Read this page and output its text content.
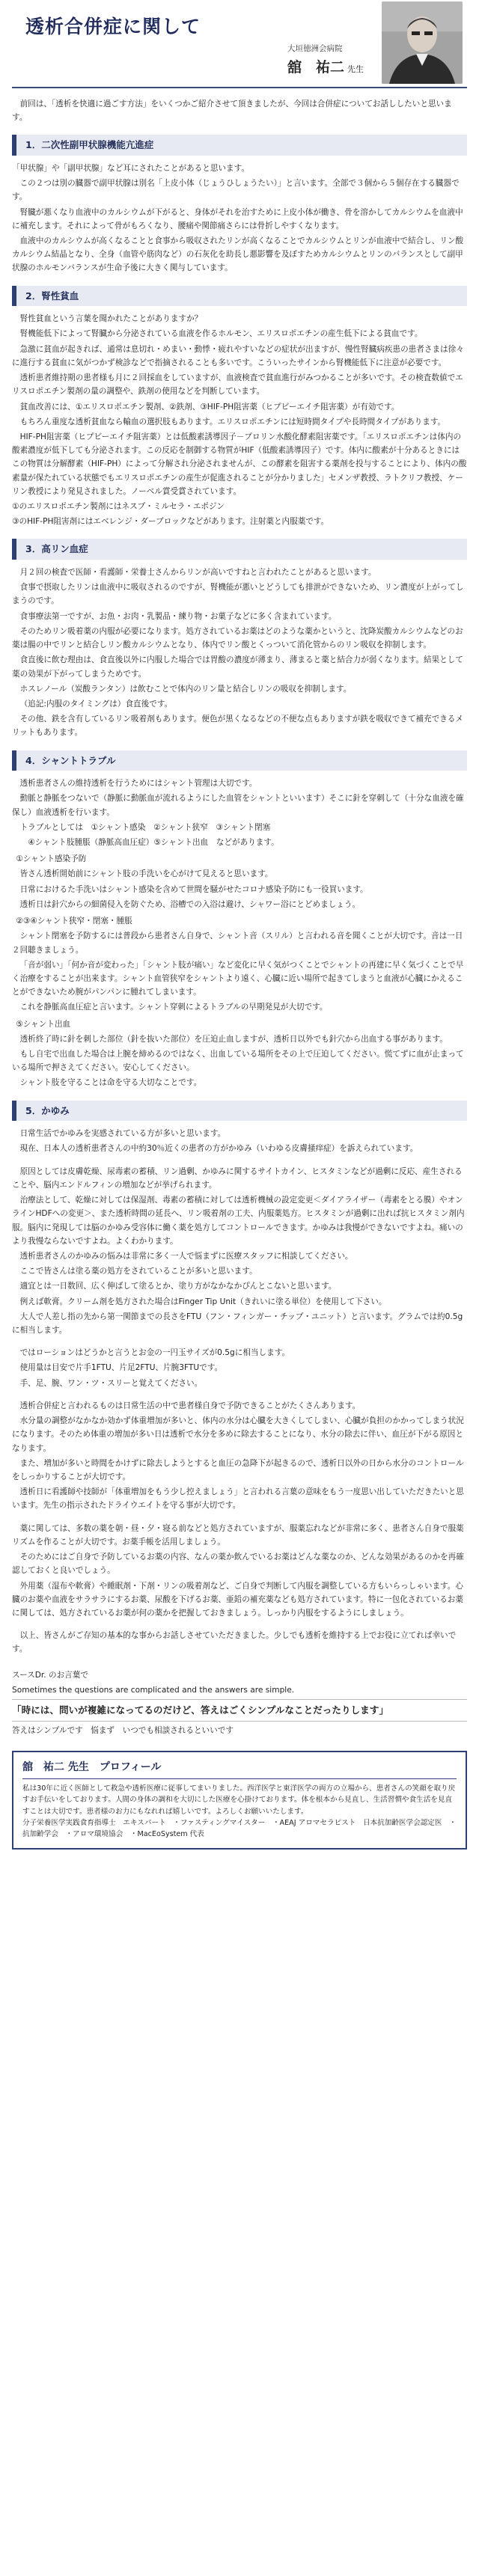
透析合併症に関して
大垣徳洲会病院
舘　祐二 先生

前回は、「透析を快適に過ごす方法」をいくつかご紹介させて頂きましたが、今回は合併症についてお話ししたいと思います。

1．二次性副甲状腺機能亢進症

「甲状腺」や「副甲状腺」など耳にされたことがあると思います。

この２つは別の臓器で副甲状腺は別名「上皮小体（じょうひしょうたい）」と言います。全部で３個から５個存在する臓器です。

腎臓が悪くなり血液中のカルシウムが下がると、身体がそれを治すために上皮小体が働き、骨を溶かしてカルシウムを血液中に補充します。それによって骨がもろくなり、腰痛や関節痛さらには骨折しやすくなります。

血液中のカルシウムが高くなることと食事から吸収されたリンが高くなることでカルシウムとリンが血液中で結合し、リン酸カルシウム結晶となり、全身（血管や筋肉など）の石灰化を助長し悪影響を及ぼすためカルシウムとリンのバランスとして副甲状腺のホルモンバランスが生命予後に大きく関与しています。

2．腎性貧血

腎性貧血という言葉を聞かれたことがありますか？

腎機能低下によって腎臓から分泌されている血液を作るホルモン、エリスロポエチンの産生低下による貧血です。

急激に貧血が起きれば、通常は息切れ・めまい・動悸・疲れやすいなどの症状が出ますが、慢性腎臓病疾患の患者さまは徐々に進行する貧血に気がつかず検診などで指摘されることも多いです。こういったサインから腎機能低下に注意が必要です。

透析患者維持期の患者様も月に２回採血をしていますが、血液検査で貧血進行がみつかることが多いです。その検査数値でエリスロポエチン製剤の量の調整や、鉄剤の使用などを判断しています。

貧血改善には、①エリスロポエチン製剤、②鉄剤、③HIF-PH阻害薬（ヒプビーエイチ阻害薬）が有効です。

もちろん重度な透析貧血なら輸血の選択肢もあります。エリスロポエチンには短時間タイプや長時間タイプがあります。

HIF-PH阻害薬（ヒプビーエイチ阻害薬）とは低酸素誘導因子－プロリン水酸化酵素阻害薬です。「エリスロポエチンは体内の酸素濃度が低下しても分泌されます。この反応を制御する物質がHIF（低酸素誘導因子）です。体内に酸素が十分あるときにはこの物質は分解酵素（HIF-PH）によって分解され分泌されませんが、この酵素を阻害する薬剤を投与することにより、体内の酸素量が保たれている状態でもエリスロポエチンの産生が促進されることが分かりました」セメンザ教授、ラトクリフ教授、ケーリン教授により発見されました。ノーベル賞受賞されています。

①のエリスロポエチン製剤にはネスプ・ミルセラ・エポジン

③のHIF-PH阻害剤にはエベレンジ・ダーブロックなどがあります。注射薬と内服薬です。

3．高リン血症

月２回の検査で医師・看護師・栄養士さんからリンが高いですねと言われたことがあると思います。

食事で摂取したリンは血液中に吸収されるのですが、腎機能が悪いとどうしても排泄ができないため、リン濃度が上がってしまうのです。

食事療法第一ですが、お魚・お肉・乳製品・練り物・お菓子などに多く含まれています。

そのためリン吸着薬の内服が必要になります。処方されているお薬はどのような薬かというと、沈降炭酸カルシウムなどのお薬は腸の中でリンと結合しリン酸カルシウムとなり、体内でリン酸とくっついて消化管からのリン吸収を抑制します。

食直後に飲む理由は、食直後以外に内服した場合では胃酸の濃度が薄まり、薄まると薬と結合力が弱くなります。結果として薬の効果が下がってしまうためです。

ホスレノール（炭酸ランタン）は飲むことで体内のリン量と結合しリンの吸収を抑制します。

（追記:内服のタイミングは）食直後です。

その他、鉄を含有しているリン吸着剤もあります。便色が黒くなるなどの不便な点もありますが鉄を吸収できて補充できるメリットもあります。

4．シャントトラブル

透析患者さんの維持透析を行うためにはシャント管理は大切です。

動脈と静脈をつないで（静脈に動脈血が流れるようにした血管をシャントといいます）そこに針を穿刺して（十分な血液を確保し）血液透析を行います。

トラブルとしては　①シャント感染　②シャント狭窄　③シャント閉塞

④シャント肢腫脹（静脈高血圧症）⑤シャント出血　などがあります。

①シャント感染予防

皆さん透析開始前にシャント肢の手洗いを心がけて見えると思います。

日常におけるた手洗いはシャント感染を含めて世間を騒がせたコロナ感染予防にも一役買います。

透析日は針穴からの細菌侵入を防ぐため、浴槽での入浴は避け、シャワー浴にとどめましょう。

②③④シャント狭窄・閉塞・腫脹

シャント閉塞を予防するには普段から患者さん自身で、シャント音（スリル）と言われる音を聞くことが大切です。音は一日２回聴きましょう。

「音が弱い」「何か音が変わった」「シャント肢が痛い」など変化に早く気がつくことでシャントの再建に早く気づくことで早く治療をすることが出来ます。シャント血管狭窄をシャントより遠く、心臓に近い場所で起きてしまうと血液が心臓にかえることができないため腕がパンパンに腫れてしまいます。

これを静脈高血圧症と言います。シャント穿刺によるトラブルの早期発見が大切です。

⑤シャント出血

透析終了時に針を刺した部位（針を抜いた部位）を圧迫止血しますが、透析日以外でも針穴から出血する事があります。

もし自宅で出血した場合は上腕を締めるのではなく、出血している場所をその上で圧迫してください。慌てずに血が止まっている場所で押さえてください。安心してください。

シャント肢を守ることは命を守る大切なことです。

5．かゆみ

日常生活でかゆみを実感されている方が多いと思います。

現在、日本人の透析患者さんの中約30％近くの患者の方がかゆみ（いわゆる皮膚掻痒症）を訴えられています。

原因としては皮膚乾燥、尿毒素の蓄積、リン過剰、かゆみに関するサイトカイン、ヒスタミンなどが過剰に反応、産生されることや、脳内エンドルフィンの増加などが挙げられます。

治療法として、乾燥に対しては保湿剤、毒素の蓄積に対しては透析機械の設定変更＜ダイアライザー（毒素をとる膜）やオンラインHDFへの変更＞、また透析時間の延長へ、リン吸着剤の工夫、内服薬処方。ヒスタミンが過剰に出れば抗ヒスタミン剤内服。脳内に発現しては脳のかゆみ受容体に働く薬を処方してコントロールできます。かゆみは我慢ができないですよね。痛いのより我慢ならないですよね。よくわかります。

透析患者さんのかゆみの悩みは非常に多く一人で悩まずに医療スタッフに相談してください。

ここで皆さんは塗る薬の処方をされていることが多いと思います。

適宜とは一日数回、広く伸ばして塗るとか、塗り方がなかなかぴんとこないと思います。

例えば軟膏。クリーム剤を処方された場合はFinger Tip Unit（きれいに塗る単位）を使用して下さい。

大人で人差し指の先から第一関節までの長さをFTU（フン・フィンガー・チップ・ユニット）と言います。グラムでは約0.5gに相当します。

ではローションはどうかと言うとお金の一円玉サイズが0.5gに相当します。

使用量は目安で片手1FTU、片足2FTU、片腕3FTUです。

手、足、腕、ワン・ツ・スリーと覚えてください。

透析合併症と言われるものは日常生活の中で患者様自身で予防できることがたくさんあります。

水分量の調整がなかなか効かず体重増加が多いと、体内の水分は心臓を大きくしてしまい、心臓が負担のかかってしまう状況になります。そのため体重の増加が多い日は透析で水分を多めに除去することになり、水分の除去に伴い、血圧が下がる原因となります。

また、増加が多いと時間をかけずに除去しようとすると血圧の急降下が起きるので、透析日以外の日から水分のコントロールをしっかりすることが大切です。

透析日に看護師や技師が「体重増加をもう少し控えましょう」と言われる言葉の意味をもう一度思い出していただきたいと思います。先生の指示されたドライウエイトを守る事が大切です。

薬に関しては、多数の薬を朝・昼・夕・寝る前などと処方されていますが、服薬忘れなどが非常に多く、患者さん自身で服薬リズムを作ることが大切です。お薬手帳を活用しましょう。

そのためにはご自身で予防しているお薬の内容、なんの薬か飲んでいるお薬はどんな薬なのか、どんな効果があるのかを再確認しておくと良いでしょう。

外用薬（湿布や軟膏）や睡眠剤・下剤・リンの吸着剤など、ご自身で判断して内服を調整している方もいらっしゃいます。心臓のお薬や血液をサラサラにするお薬、尿酸を下げるお薬、亜鉛の補充薬なども処方されています。特に一包化されているお薬に関しては、処方されているお薬が何の薬かを把握しておきましょう。しっかり内服をするようにしましょう。

以上、皆さんがご存知の基本的な事からお話しさせていただきました。少しでも透析を維持する上でお役に立てれば幸いです。

スースDr. のお言葉で

Sometimes the questions are complicated and the answers are simple.

「時には、問いが複雑になってるのだけど、答えはごくシンプルなことだったりします」

答えはシンプルです　悩まず　いつでも相談されるといいです

舘　祐二 先生　プロフィール

私は30年に近く医師として救急や透析医療に従事してまいりました。西洋医学と東洋医学の両方の立場から、患者さんの笑顔を取り戻すお手伝いをしております。人間の身体の調和を大切にした医療を心掛けております。体を根本から見直し、生活習慣や食生活を見直すことは大切です。患者様のお力にもなれれば嬉しいです。よろしくお願いいたします。

分子栄養医学実践食育指導士　エキスパート　・ファスティングマイスター　・AEAJ アロマセラピスト　日本抗加齢医学会認定医　・抗加齢学会　・アロマ環境協会　・MacEoSystem 代表
